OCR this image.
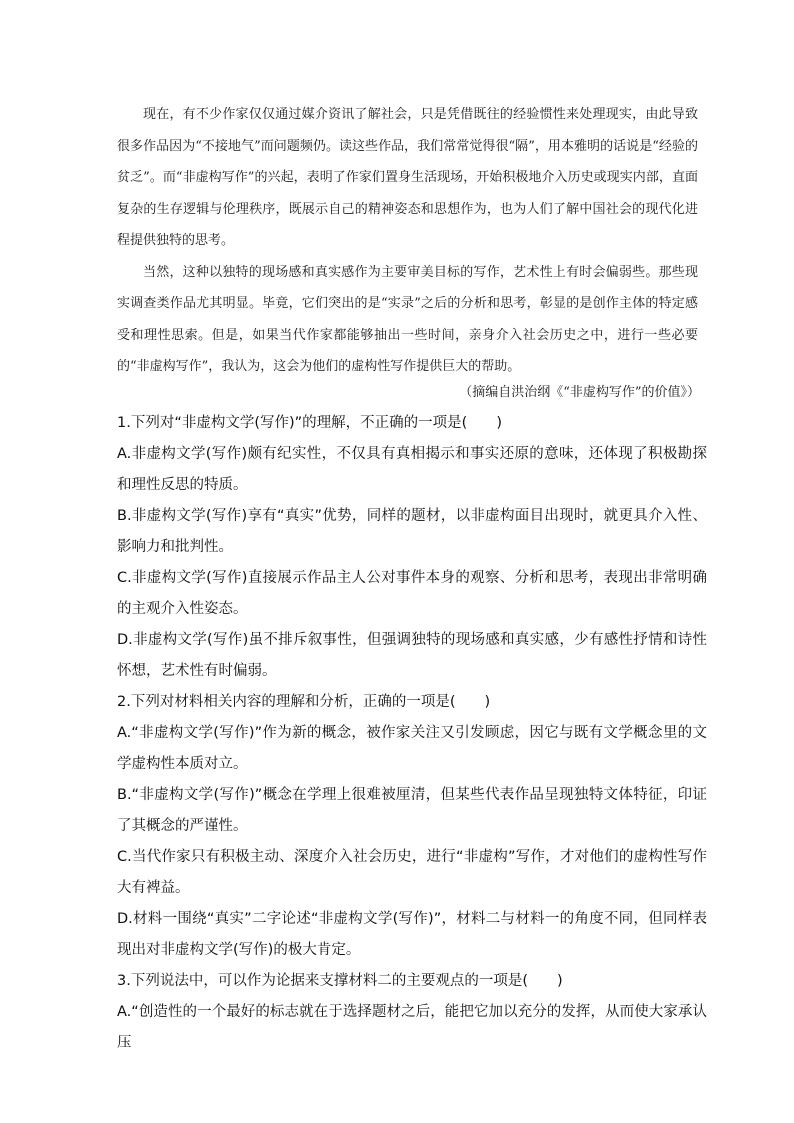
现在，有不少作家仅仅通过媒介资讯了解社会，只是凭借既往的经验惯性来处理现实，由此导致很多作品因为“不接地气”而问题频仍。读这些作品，我们常常觉得很“隔”，用本雅明的话说是“经验的贫乏”。而“非虚构写作”的兴起，表明了作家们置身生活现场，开始积极地介入历史或现实内部，直面复杂的生存逻辑与伦理秩序，既展示自己的精神姿态和思想作为，也为人们了解中国社会的现代化进程提供独特的思考。

当然，这种以独特的现场感和真实感作为主要审美目标的写作，艺术性上有时会偏弱些。那些现实调查类作品尤其明显。毕竟，它们突出的是“实录”之后的分析和思考，彰显的是创作主体的特定感受和理性思索。但是，如果当代作家都能够抽出一些时间，亲身介入社会历史之中，进行一些必要的“非虚构写作”，我认为，这会为他们的虚构性写作提供巨大的帮助。

（摘编自洪治纲《“非虚构写作”的价值》）

1.下列对“非虚构文学(写作)”的理解，不正确的一项是(　　)

A.非虚构文学(写作)颇有纪实性，不仅具有真相揭示和事实还原的意味，还体现了积极勘探和理性反思的特质。

B.非虚构文学(写作)享有“真实”优势，同样的题材，以非虚构面目出现时，就更具介入性、影响力和批判性。

C.非虚构文学(写作)直接展示作品主人公对事件本身的观察、分析和思考，表现出非常明确的主观介入性姿态。

D.非虚构文学(写作)虽不排斥叙事性，但强调独特的现场感和真实感，少有感性抒情和诗性怀想，艺术性有时偏弱。

2.下列对材料相关内容的理解和分析，正确的一项是(　　)

A.“非虚构文学(写作)”作为新的概念，被作家关注又引发顾虑，因它与既有文学概念里的文学虚构性本质对立。

B.“非虚构文学(写作)”概念在学理上很难被厘清，但某些代表作品呈现独特文体特征，印证了其概念的严谨性。

C.当代作家只有积极主动、深度介入社会历史，进行“非虚构”写作，才对他们的虚构性写作大有裨益。

D.材料一围绕“真实”二字论述“非虚构文学(写作)”，材料二与材料一的角度不同，但同样表现出对非虚构文学(写作)的极大肯定。

3.下列说法中，可以作为论据来支撑材料二的主要观点的一项是(　　)

A.“创造性的一个最好的标志就在于选择题材之后，能把它加以充分的发挥，从而使大家承认压
